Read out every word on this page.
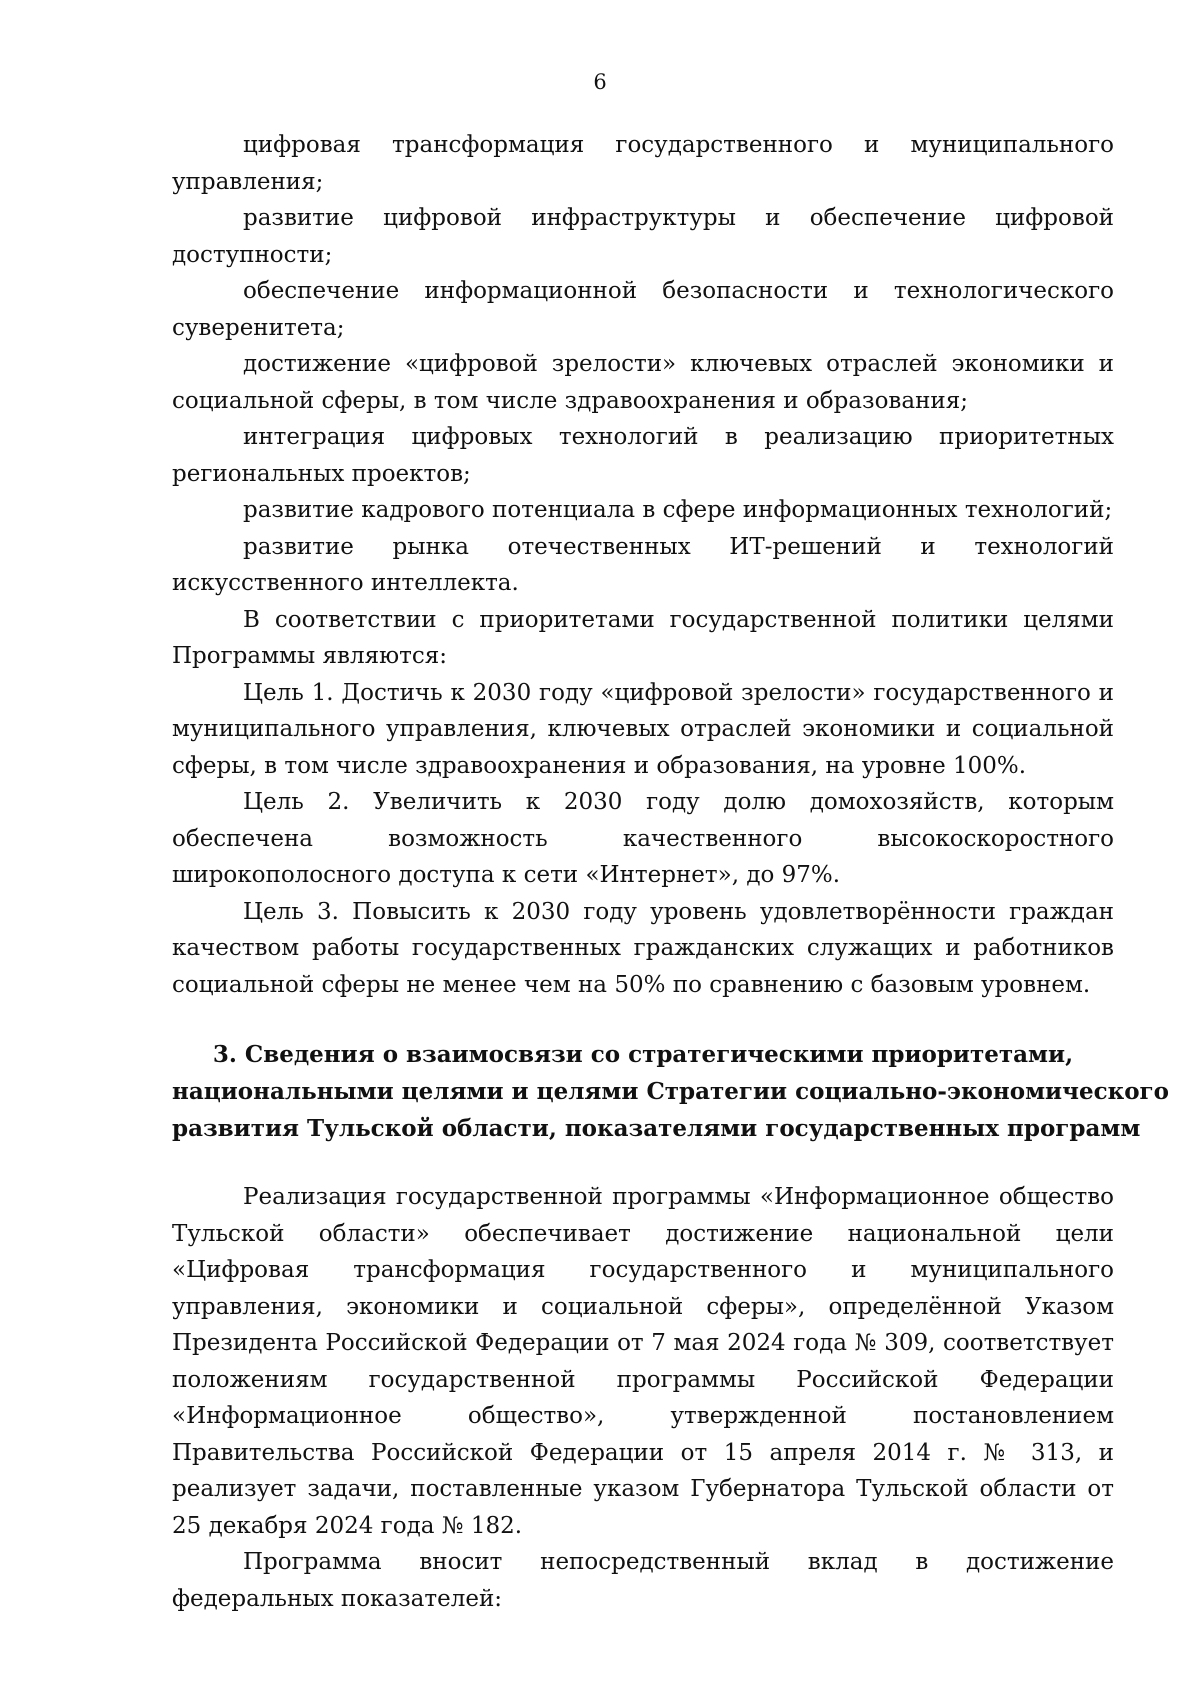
6

цифровая трансформация государственного и муниципального управления;

развитие цифровой инфраструктуры и обеспечение цифровой доступности;

обеспечение информационной безопасности и технологического суверенитета;

достижение «цифровой зрелости» ключевых отраслей экономики и социальной сферы, в том числе здравоохранения и образования;

интеграция цифровых технологий в реализацию приоритетных региональных проектов;

развитие кадрового потенциала в сфере информационных технологий;

развитие рынка отечественных ИТ-решений и технологий искусственного интеллекта.

В соответствии с приоритетами государственной политики целями Программы являются:

Цель 1. Достичь к 2030 году «цифровой зрелости» государственного и муниципального управления, ключевых отраслей экономики и социальной сферы, в том числе здравоохранения и образования, на уровне 100%.

Цель 2. Увеличить к 2030 году долю домохозяйств, которым обеспечена возможность качественного высокоскоростного широкополосного доступа к сети «Интернет», до 97%.

Цель 3. Повысить к 2030 году уровень удовлетворённости граждан качеством работы государственных гражданских служащих и работников социальной сферы не менее чем на 50% по сравнению с базовым уровнем.

3. Сведения о взаимосвязи со стратегическими приоритетами,
национальными целями и целями Стратегии социально-экономического
развития Тульской области, показателями государственных программ

Реализация государственной программы «Информационное общество Тульской области» обеспечивает достижение национальной цели «Цифровая трансформация государственного и муниципального управления, экономики и социальной сферы», определённой Указом Президента Российской Федерации от 7 мая 2024 года № 309, соответствует положениям государственной программы Российской Федерации «Информационное общество», утвержденной постановлением Правительства Российской Федерации от 15 апреля 2014 г. № 313, и реализует задачи, поставленные указом Губернатора Тульской области от 25 декабря 2024 года № 182.

Программа вносит непосредственный вклад в достижение федеральных показателей:
